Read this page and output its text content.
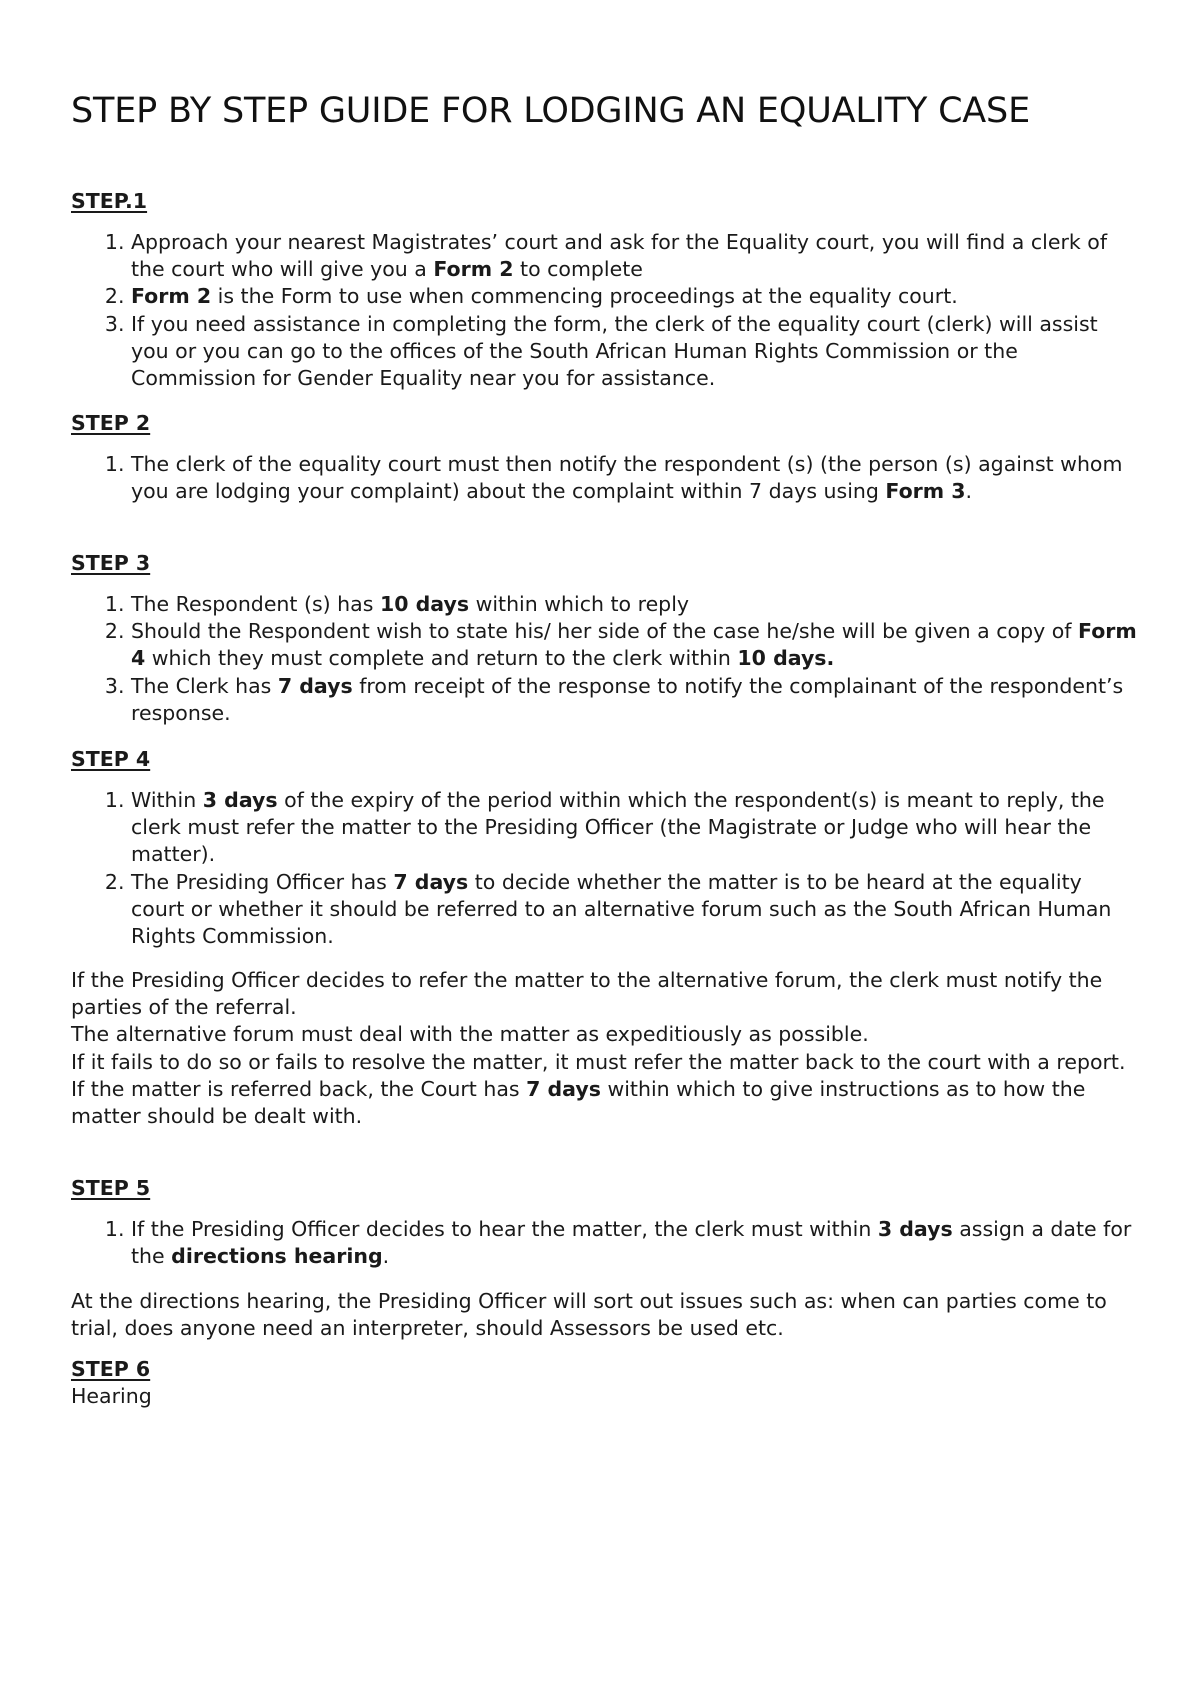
STEP BY STEP GUIDE FOR LODGING AN EQUALITY CASE
STEP.1
1. Approach your nearest Magistrates’ court and ask for the Equality court, you will find a clerk of the court who will give you a Form 2 to complete
2. Form 2 is the Form to use when commencing proceedings at the equality court.
3. If you need assistance in completing the form, the clerk of the equality court (clerk) will assist you or you can go to the offices of the South African Human Rights Commission or the Commission for Gender Equality near you for assistance.
STEP 2
1. The clerk of the equality court must then notify the respondent (s) (the person (s) against whom you are lodging your complaint) about the complaint within 7 days using Form 3.
STEP 3
1. The Respondent (s) has 10 days within which to reply
2. Should the Respondent wish to state his/ her side of the case he/she will be given a copy of Form 4 which they must complete and return to the clerk within 10 days.
3. The Clerk has 7 days from receipt of the response to notify the complainant of the respondent’s response.
STEP 4
1. Within 3 days of the expiry of the period within which the respondent(s) is meant to reply, the clerk must refer the matter to the Presiding Officer (the Magistrate or Judge who will hear the matter).
2. The Presiding Officer has 7 days to decide whether the matter is to be heard at the equality court or whether it should be referred to an alternative forum such as the South African Human Rights Commission.
If the Presiding Officer decides to refer the matter to the alternative forum, the clerk must notify the parties of the referral.
The alternative forum must deal with the matter as expeditiously as possible.
If it fails to do so or fails to resolve the matter, it must refer the matter back to the court with a report.
If the matter is referred back, the Court has 7 days within which to give instructions as to how the matter should be dealt with.
STEP 5
1. If the Presiding Officer decides to hear the matter, the clerk must within 3 days assign a date for the directions hearing.
At the directions hearing, the Presiding Officer will sort out issues such as: when can parties come to trial, does anyone need an interpreter, should Assessors be used etc.
STEP 6
Hearing
